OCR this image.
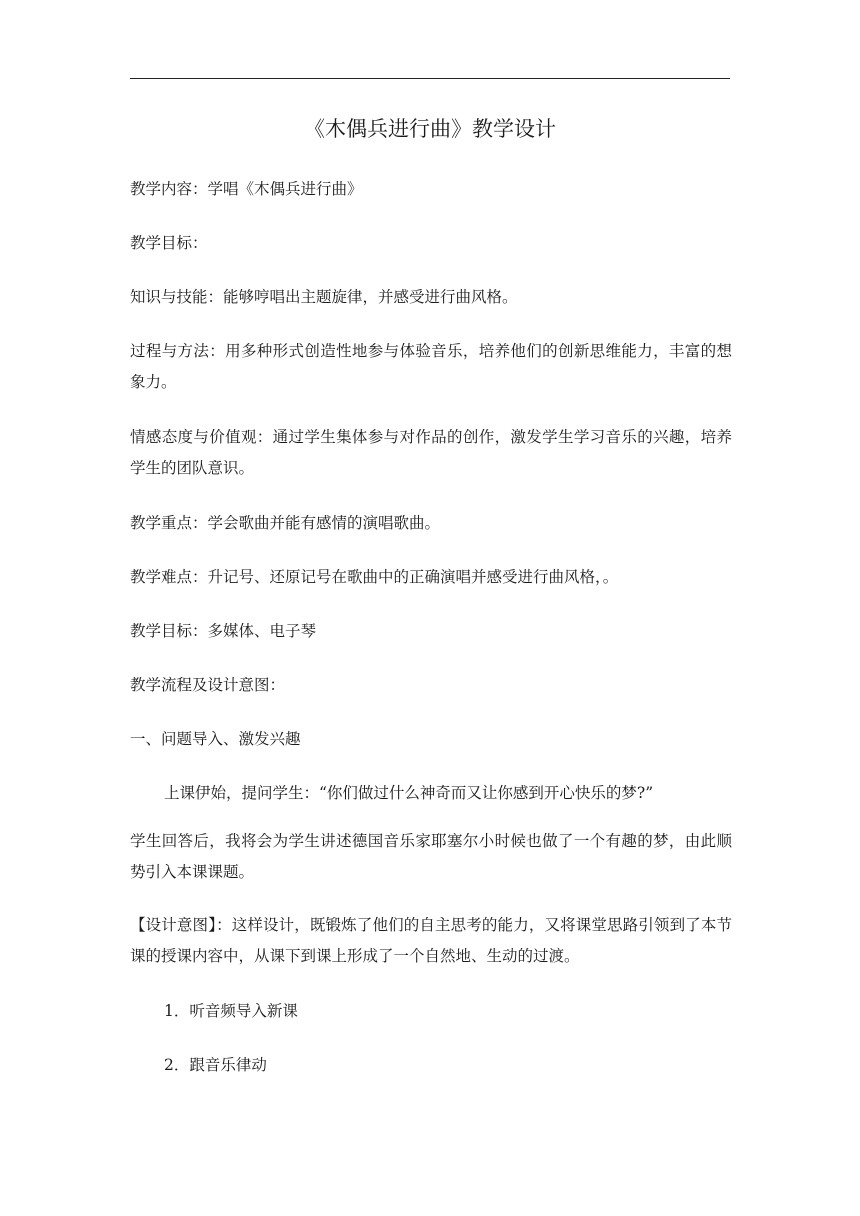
《木偶兵进行曲》教学设计
教学内容：学唱《木偶兵进行曲》
教学目标：
知识与技能：能够哼唱出主题旋律，并感受进行曲风格。
过程与方法：用多种形式创造性地参与体验音乐，培养他们的创新思维能力，丰富的想象力。
情感态度与价值观：通过学生集体参与对作品的创作，激发学生学习音乐的兴趣，培养学生的团队意识。
教学重点：学会歌曲并能有感情的演唱歌曲。
教学难点：升记号、还原记号在歌曲中的正确演唱并感受进行曲风格，。
教学目标：多媒体、电子琴
教学流程及设计意图：
一、问题导入、激发兴趣
上课伊始，提问学生：“你们做过什么神奇而又让你感到开心快乐的梦?”
学生回答后，我将会为学生讲述德国音乐家耶塞尔小时候也做了一个有趣的梦，由此顺势引入本课课题。
【设计意图】：这样设计，既锻炼了他们的自主思考的能力，又将课堂思路引领到了本节课的授课内容中，从课下到课上形成了一个自然地、生动的过渡。
1．听音频导入新课
2．跟音乐律动
